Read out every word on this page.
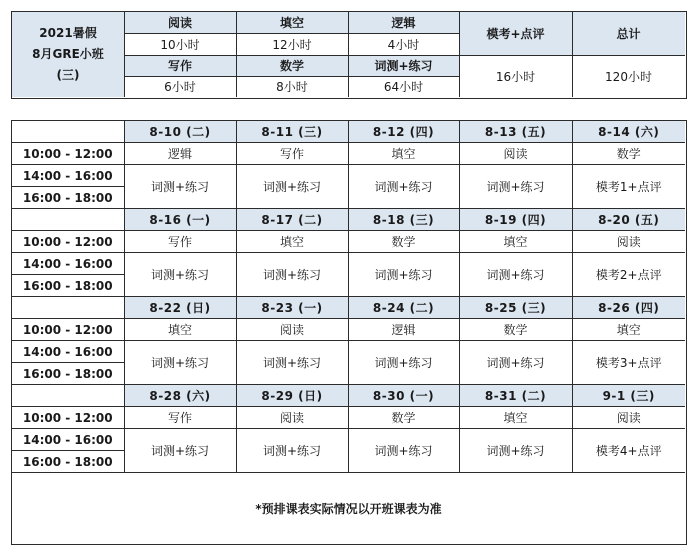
2021暑假
8月GRE小班
(三)
阅读	填空	逻辑
10小时	12小时	4小时
写作	数学	词测+练习
6小时	8小时	64小时
模考+点评	总计
16小时	120小时
	8-10 (二)	8-11 (三)	8-12 (四)	8-13 (五)	8-14 (六)
10:00 - 12:00	逻辑	写作	填空	阅读	数学
14:00 - 16:00	词测+练习	词测+练习	词测+练习	词测+练习	模考1+点评
16:00 - 18:00					
	8-16 (一)	8-17 (二)	8-18 (三)	8-19 (四)	8-20 (五)
10:00 - 12:00	写作	填空	数学	填空	阅读
14:00 - 16:00	词测+练习	词测+练习	词测+练习	词测+练习	模考2+点评
16:00 - 18:00					
	8-22 (日)	8-23 (一)	8-24 (二)	8-25 (三)	8-26 (四)
10:00 - 12:00	填空	阅读	逻辑	数学	填空
14:00 - 16:00	词测+练习	词测+练习	词测+练习	词测+练习	模考3+点评
16:00 - 18:00					
	8-28 (六)	8-29 (日)	8-30 (一)	8-31 (二)	9-1 (三)
10:00 - 12:00	写作	阅读	数学	填空	阅读
14:00 - 16:00	词测+练习	词测+练习	词测+练习	词测+练习	模考4+点评
16:00 - 18:00					
*预排课表实际情况以开班课表为准
